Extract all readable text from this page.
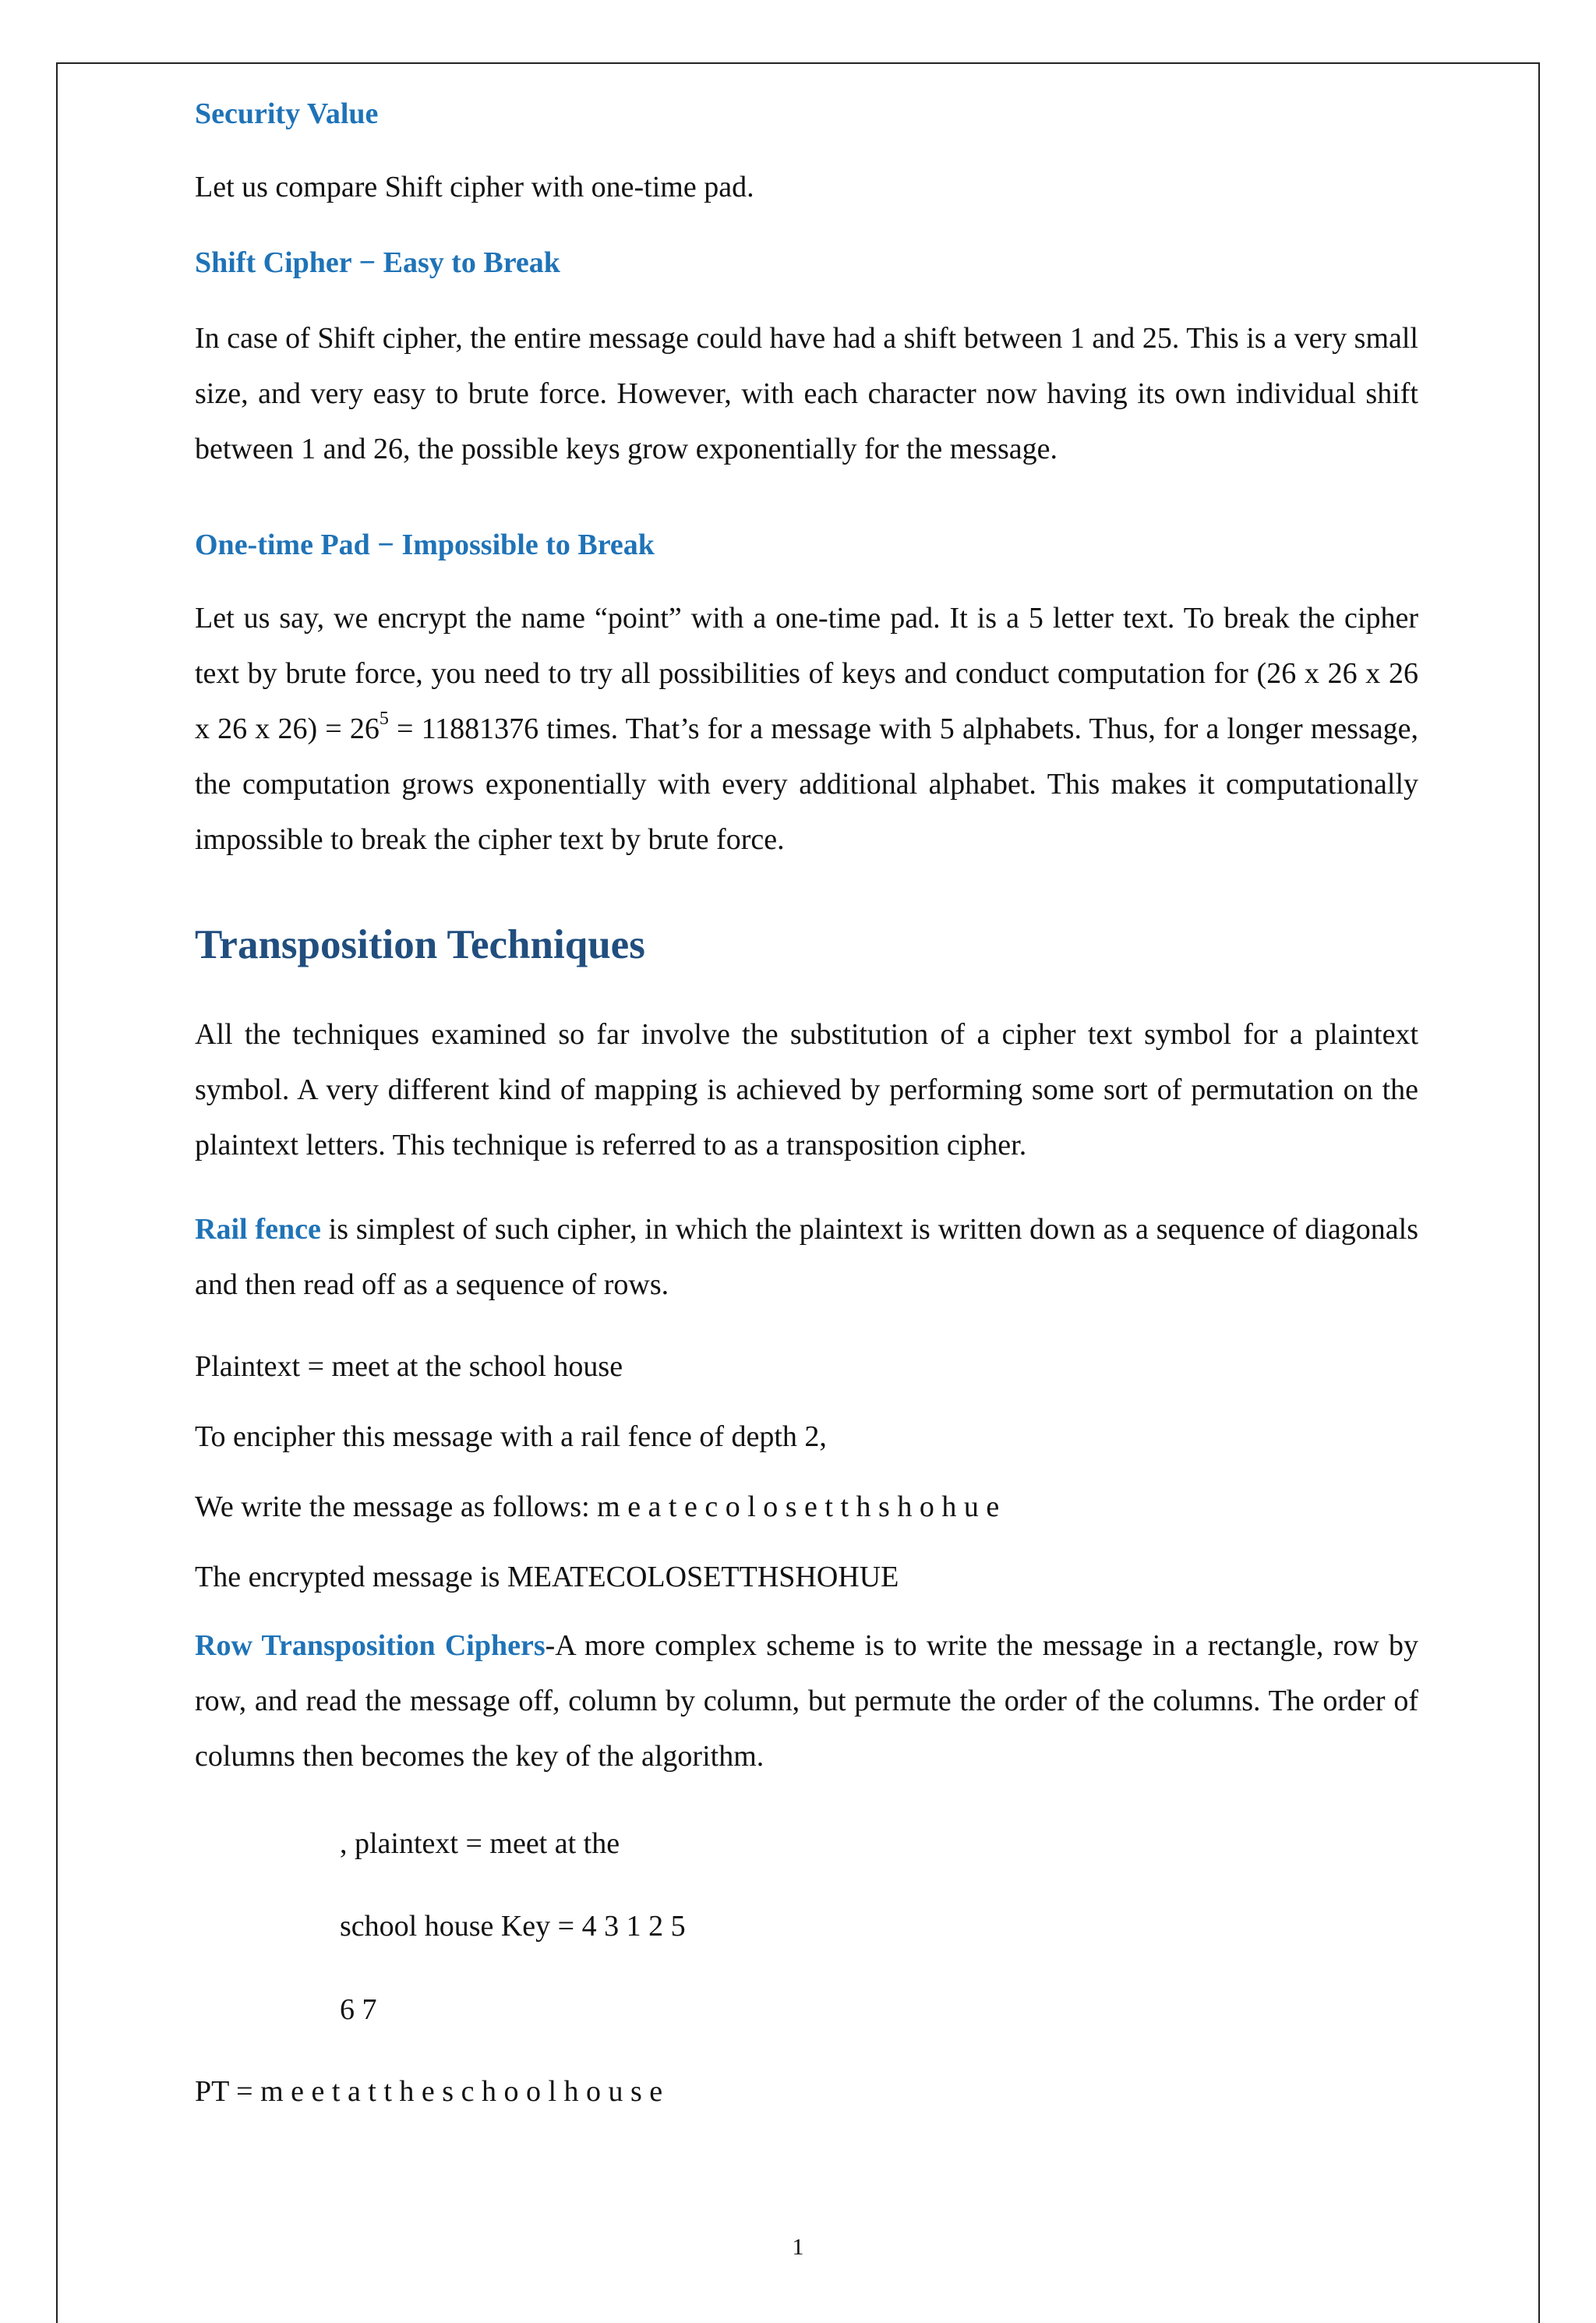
Security Value
Let us compare Shift cipher with one-time pad.
Shift Cipher − Easy to Break
In case of Shift cipher, the entire message could have had a shift between 1 and 25. This is a very small size, and very easy to brute force. However, with each character now having its own individual shift between 1 and 26, the possible keys grow exponentially for the message.
One-time Pad − Impossible to Break
Let us say, we encrypt the name “point” with a one-time pad. It is a 5 letter text. To break the cipher text by brute force, you need to try all possibilities of keys and conduct computation for (26 x 26 x 26 x 26 x $26) = 26^5 = 11881376$ times. That’s for a message with 5 alphabets. Thus, for a longer message, the computation grows exponentially with every additional alphabet. This makes it computationally impossible to break the cipher text by brute force.
Transposition Techniques
All the techniques examined so far involve the substitution of a cipher text symbol for a plaintext symbol. A very different kind of mapping is achieved by performing some sort of permutation on the plaintext letters. This technique is referred to as a transposition cipher.
Rail fence is simplest of such cipher, in which the plaintext is written down as a sequence of diagonals and then read off as a sequence of rows.
Plaintext = meet at the school house
To encipher this message with a rail fence of depth 2,
We write the message as follows: m e a t e c o l o s e t t h s h o h u e
The encrypted message is MEATECOLOSETTHSHOHUE
Row Transposition Ciphers-A more complex scheme is to write the message in a rectangle, row by row, and read the message off, column by column, but permute the order of the columns. The order of columns then becomes the key of the algorithm.
, plaintext = meet at the
school house Key = 4 3 1 2 5
6 7
PT = m e e t a t t h e s c h o o l h o u s e
1
